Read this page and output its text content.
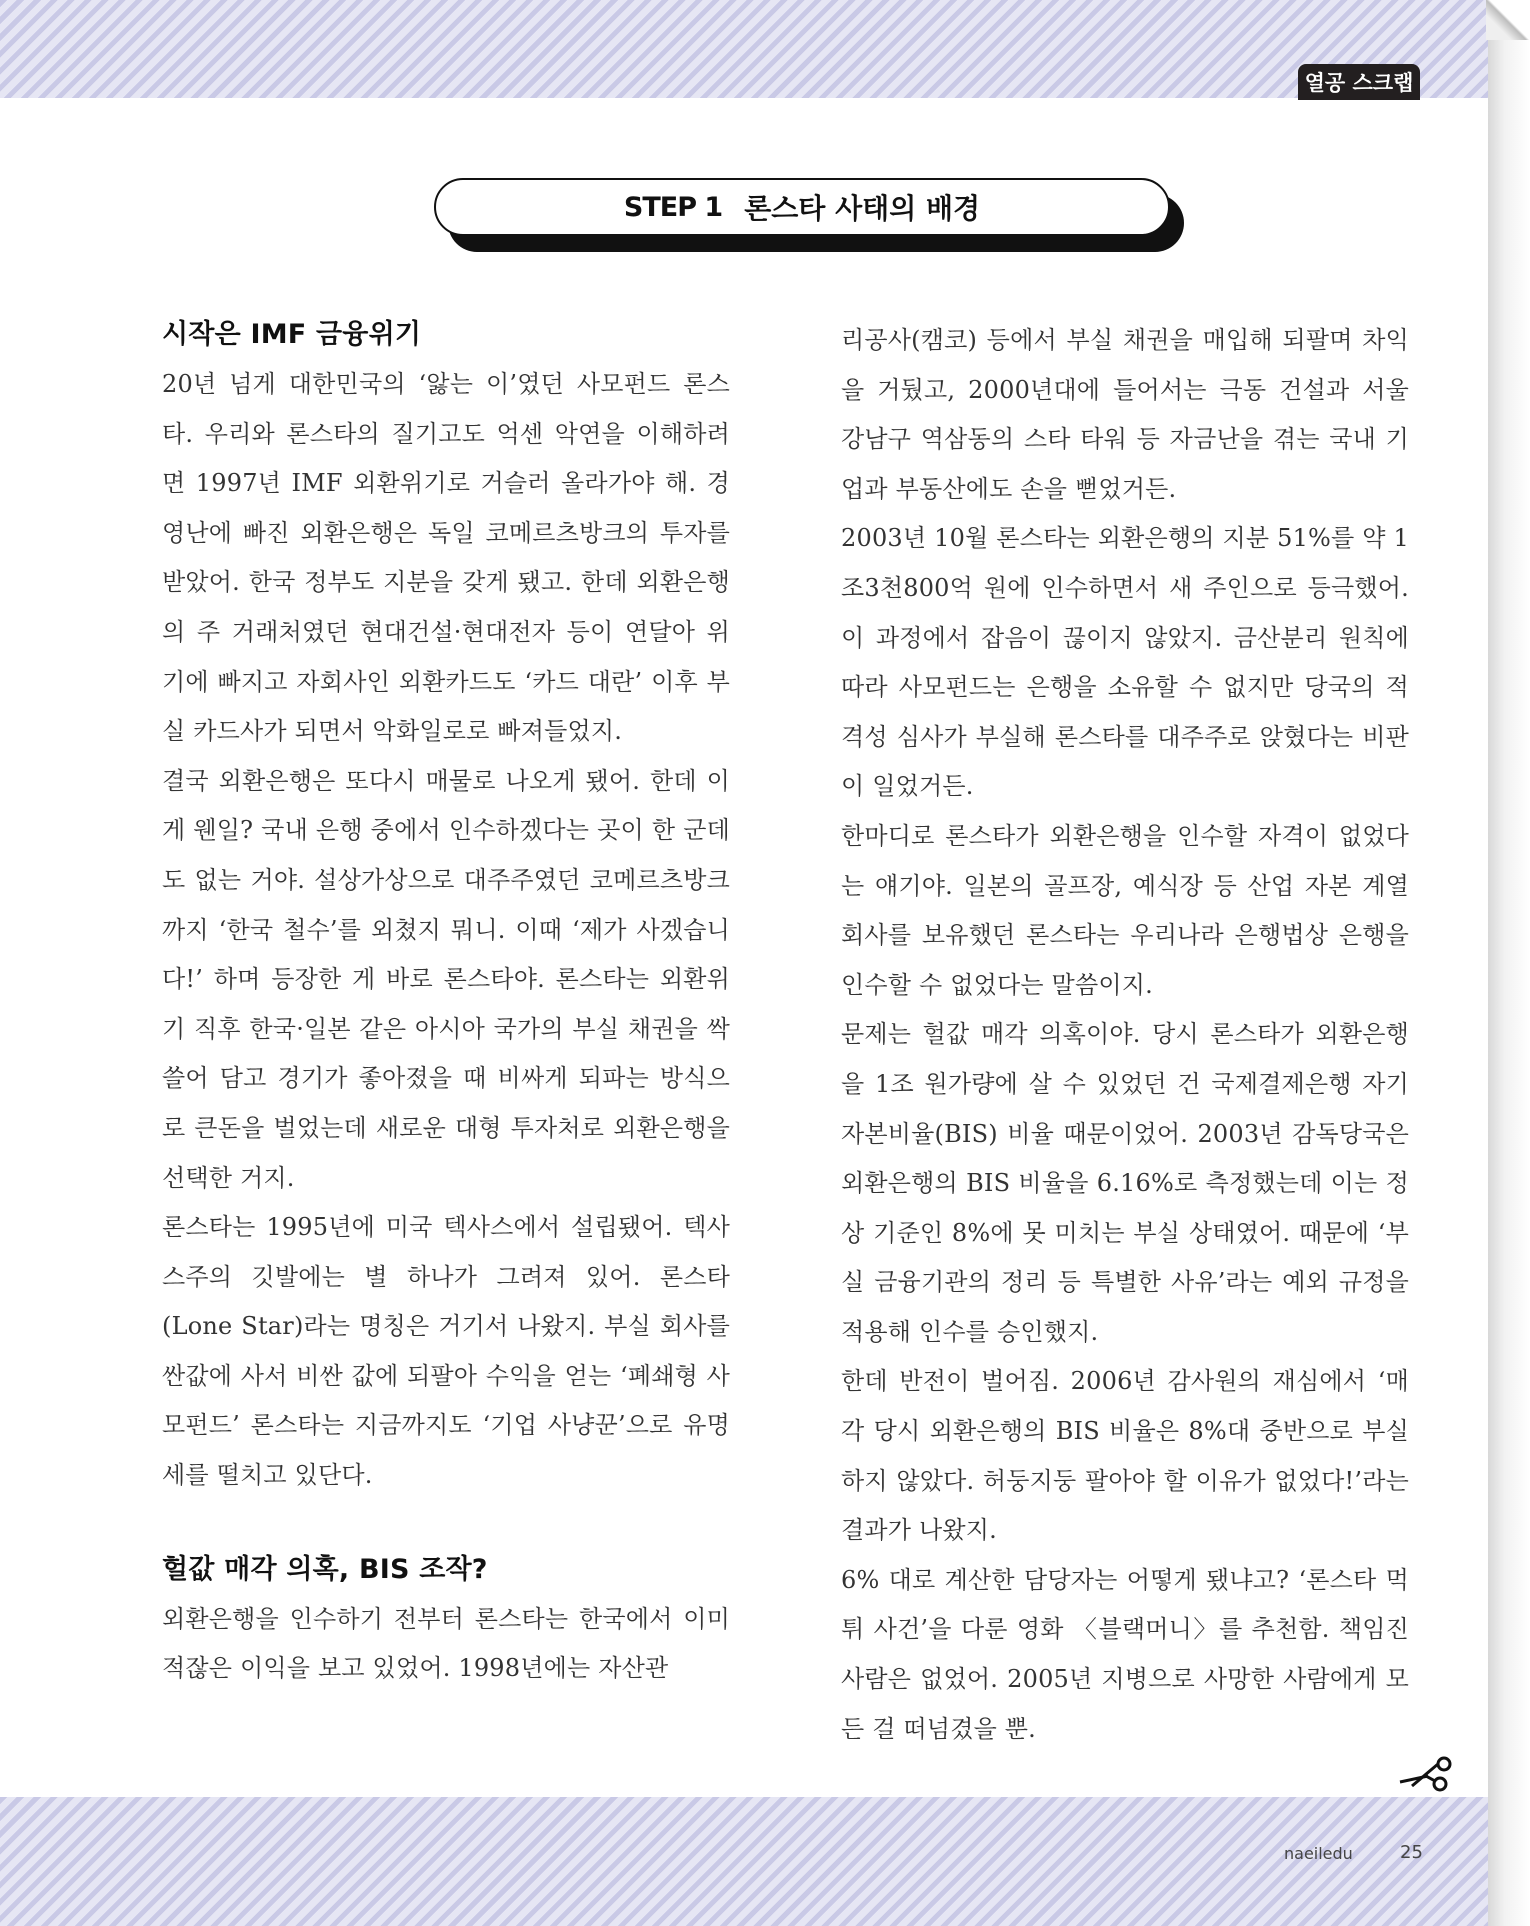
열공 스크랩
STEP 1 론스타 사태의 배경
시작은 IMF 금융위기

20년 넘게 대한민국의 ‘앓는 이’였던 사모펀드 론스타. 우리와 론스타의 질기고도 억센 악연을 이해하려면 1997년 IMF 외환위기로 거슬러 올라가야 해. 경영난에 빠진 외환은행은 독일 코메르츠방크의 투자를 받았어. 한국 정부도 지분을 갖게 됐고. 한데 외환은행의 주 거래처였던 현대건설·현대전자 등이 연달아 위기에 빠지고 자회사인 외환카드도 ‘카드 대란’ 이후 부실 카드사가 되면서 악화일로로 빠져들었지.

결국 외환은행은 또다시 매물로 나오게 됐어. 한데 이게 웬일? 국내 은행 중에서 인수하겠다는 곳이 한 군데도 없는 거야. 설상가상으로 대주주였던 코메르츠방크까지 ‘한국 철수’를 외쳤지 뭐니. 이때 ‘제가 사겠습니다!’ 하며 등장한 게 바로 론스타야. 론스타는 외환위기 직후 한국·일본 같은 아시아 국가의 부실 채권을 싹 쓸어 담고 경기가 좋아졌을 때 비싸게 되파는 방식으로 큰돈을 벌었는데 새로운 대형 투자처로 외환은행을 선택한 거지.

론스타는 1995년에 미국 텍사스에서 설립됐어. 텍사스주의 깃발에는 별 하나가 그려져 있어. 론스타(Lone Star)라는 명칭은 거기서 나왔지. 부실 회사를 싼값에 사서 비싼 값에 되팔아 수익을 얻는 ‘폐쇄형 사모펀드’ 론스타는 지금까지도 ‘기업 사냥꾼’으로 유명세를 떨치고 있단다.

헐값 매각 의혹, BIS 조작?

외환은행을 인수하기 전부터 론스타는 한국에서 이미 적잖은 이익을 보고 있었어. 1998년에는 자산관

리공사(캠코) 등에서 부실 채권을 매입해 되팔며 차익을 거뒀고, 2000년대에 들어서는 극동 건설과 서울 강남구 역삼동의 스타 타워 등 자금난을 겪는 국내 기업과 부동산에도 손을 뻗었거든.

2003년 10월 론스타는 외환은행의 지분 51%를 약 1조3천800억 원에 인수하면서 새 주인으로 등극했어. 이 과정에서 잡음이 끊이지 않았지. 금산분리 원칙에 따라 사모펀드는 은행을 소유할 수 없지만 당국의 적격성 심사가 부실해 론스타를 대주주로 앉혔다는 비판이 일었거든.

한마디로 론스타가 외환은행을 인수할 자격이 없었다는 얘기야. 일본의 골프장, 예식장 등 산업 자본 계열 회사를 보유했던 론스타는 우리나라 은행법상 은행을 인수할 수 없었다는 말씀이지.

문제는 헐값 매각 의혹이야. 당시 론스타가 외환은행을 1조 원가량에 살 수 있었던 건 국제결제은행 자기자본비율(BIS) 비율 때문이었어. 2003년 감독당국은 외환은행의 BIS 비율을 6.16%로 측정했는데 이는 정상 기준인 8%에 못 미치는 부실 상태였어. 때문에 ‘부실 금융기관의 정리 등 특별한 사유’라는 예외 규정을 적용해 인수를 승인했지.

한데 반전이 벌어짐. 2006년 감사원의 재심에서 ‘매각 당시 외환은행의 BIS 비율은 8%대 중반으로 부실하지 않았다. 허둥지둥 팔아야 할 이유가 없었다!’라는 결과가 나왔지.

6% 대로 계산한 담당자는 어떻게 됐냐고? ‘론스타 먹튀 사건’을 다룬 영화 〈블랙머니〉를 추천함. 책임진 사람은 없었어. 2005년 지병으로 사망한 사람에게 모든 걸 떠넘겼을 뿐.

naeiledu	25
